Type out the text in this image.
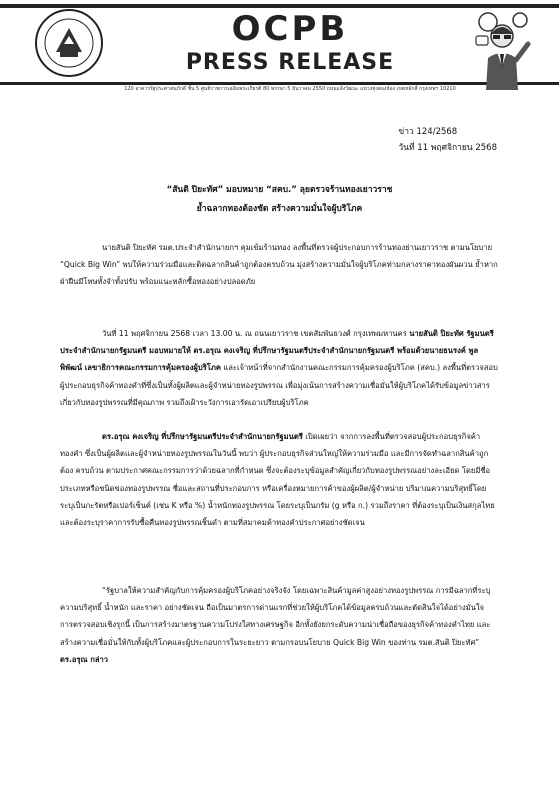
OCPB
PRESS RELEASE
120 อาคารรัฐประศาสนภักดี ชั้น 5 ศูนย์ราชการเฉลิมพระเกียรติ 80 พรรษา 5 ธันวาคม 2550 ถนนแจ้งวัฒนะ แขวงทุ่งสองห้อง เขตหลักสี่ กรุงเทพฯ 10210
ข่าว 124/2568
วันที่ 11 พฤศจิกายน 2568
“สันติ ปิยะทัศ” มอบหมาย “สคบ.” ลุยตรวจร้านทองเยาวราช
ย้ำฉลากทองต้องชัด สร้างความมั่นใจผู้บริโภค
นายสันติ ปิยะทัศ รมต.ประจำสำนักนายกฯ คุมเข้มร้านทอง ลงพื้นที่ตรวจผู้ประกอบการร้านทองย่านเยาวราช ตามนโยบาย “Quick Big Win” พบให้ความร่วมมือและติดฉลากสินค้าถูกต้องครบถ้วน มุ่งสร้างความมั่นใจผู้บริโภคท่ามกลางราคาทองผันผวน ย้ำหากฝ่าฝืนมีโทษทั้งจำทั้งปรับ พร้อมแนะหลักซื้อทองอย่างปลอดภัย
วันที่ 11 พฤศจิกายน 2568 เวลา 13.00 น. ณ ถนนเยาวราช เขตสัมพันธวงศ์ กรุงเทพมหานคร นายสันติ ปิยะทัศ รัฐมนตรีประจำสำนักนายกรัฐมนตรี มอบหมายให้ ดร.อรุณ คงเจริญ ที่ปรึกษารัฐมนตรีประจำสำนักนายกรัฐมนตรี พร้อมด้วยนายธนรงค์ พูลพิพัฒน์ เลขาธิการคณะกรรมการคุ้มครองผู้บริโภค และเจ้าหน้าที่จากสำนักงานคณะกรรมการคุ้มครองผู้บริโภค (สคบ.) ลงพื้นที่ตรวจสอบผู้ประกอบธุรกิจค้าทองคำที่ซึ่งเป็นทั้งผู้ผลิตและผู้จำหน่ายทองรูปพรรณ เพื่อมุ่งเน้นการสร้างความเชื่อมั่นให้ผู้บริโภคได้รับข้อมูลข่าวสารเกี่ยวกับทองรูปพรรณที่มีคุณภาพ รวมถึงเฝ้าระวังการเอารัดเอาเปรียบผู้บริโภค
ดร.อรุณ คงเจริญ ที่ปรึกษารัฐมนตรีประจำสำนักนายกรัฐมนตรี เปิดเผยว่า จากการลงพื้นที่ตรวจสอบผู้ประกอบธุรกิจค้าทองคำ ซึ่งเป็นผู้ผลิตและผู้จำหน่ายทองรูปพรรณในวันนี้ พบว่า ผู้ประกอบธุรกิจส่วนใหญ่ให้ความร่วมมือ และมีการจัดทำฉลากสินค้าถูกต้อง ครบถ้วน ตามประกาศคณะกรรมการว่าด้วยฉลากที่กำหนด ซึ่งจะต้องระบุข้อมูลสำคัญเกี่ยวกับทองรูปพรรณอย่างละเอียด โดยมีชื่อประเภทหรือชนิดของทองรูปพรรณ ชื่อและสถานที่ประกอบการ หรือเครื่องหมายการค้าของผู้ผลิต/ผู้จำหน่าย ปริมาณความบริสุทธิ์โดยระบุเป็นกะรัตหรือเปอร์เซ็นต์ (เช่น K หรือ %) น้ำหนักทองรูปพรรณ โดยระบุเป็นกรัม (g หรือ ก.) รวมถึงราคา ที่ต้องระบุเป็นเงินสกุลไทย และต้องระบุราคาการรับซื้อคืนทองรูปพรรณชิ้นดำ ตามที่สมาคมค้าทองคำประกาศอย่างชัดเจน
“รัฐบาลให้ความสำคัญกับการคุ้มครองผู้บริโภคอย่างจริงจัง โดยเฉพาะสินค้ามูลค่าสูงอย่างทองรูปพรรณ การมีฉลากที่ระบุ ความบริสุทธิ์ น้ำหนัก และราคา อย่างชัดเจน ถือเป็นมาตรการด่านแรกที่ช่วยให้ผู้บริโภคได้ข้อมูลครบถ้วนและตัดสินใจได้อย่างมั่นใจ การตรวจสอบเชิงรุกนี้ เป็นการสร้างมาตรฐานความโปร่งใสทางเศรษฐกิจ อีกทั้งยังยกระดับความน่าเชื่อถือของธุรกิจค้าทองคำไทย และสร้างความเชื่อมั่นให้กับทั้งผู้บริโภคและผู้ประกอบการในระยะยาว ตามกรอบนโยบาย Quick Big Win ของท่าน รมต.สันติ ปิยะทัศ” ดร.อรุณ กล่าว
